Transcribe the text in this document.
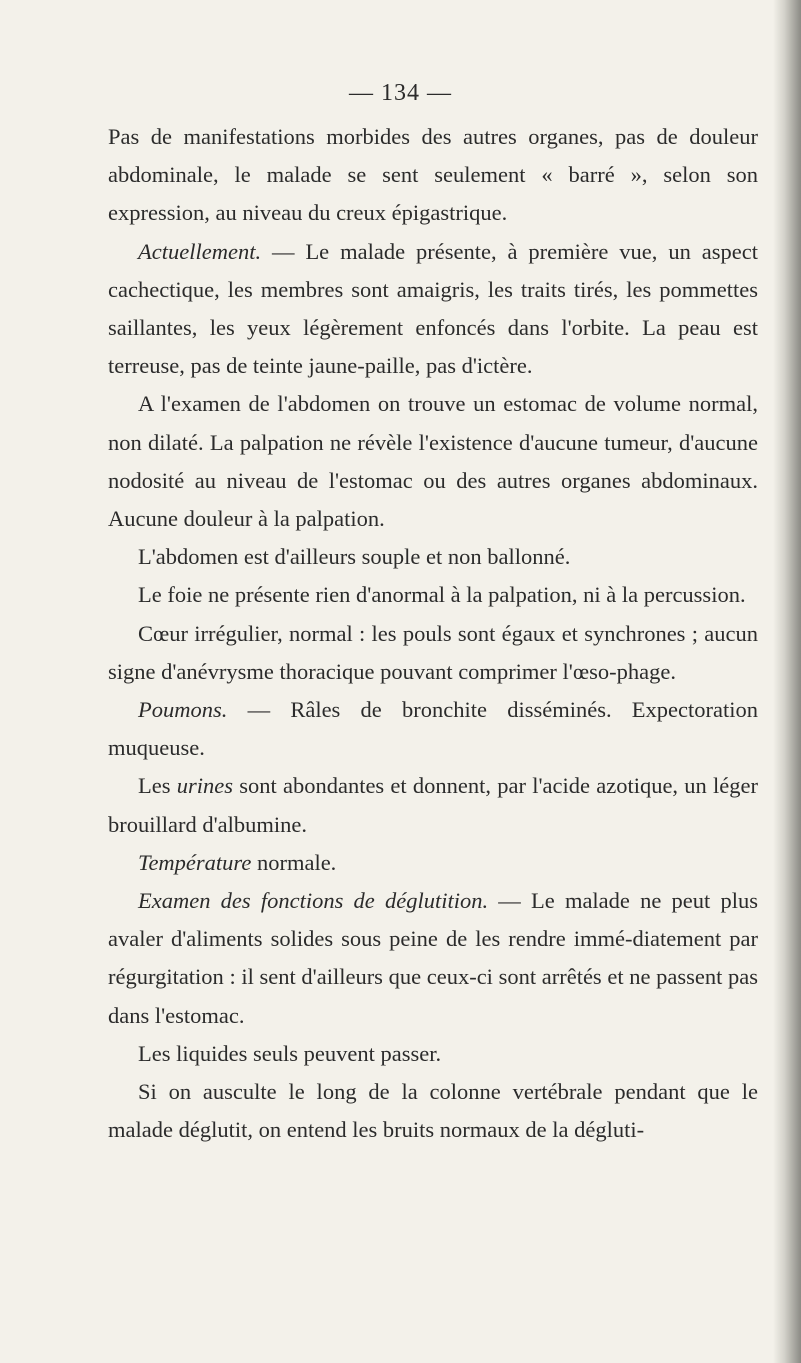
— 134 —

Pas de manifestations morbides des autres organes, pas de douleur abdominale, le malade se sent seulement « barré », selon son expression, au niveau du creux épigastrique.

Actuellement. — Le malade présente, à première vue, un aspect cachectique, les membres sont amaigris, les traits tirés, les pommettes saillantes, les yeux légèrement enfoncés dans l'orbite. La peau est terreuse, pas de teinte jaune-paille, pas d'ictère.

A l'examen de l'abdomen on trouve un estomac de volume normal, non dilaté. La palpation ne révèle l'existence d'aucune tumeur, d'aucune nodosité au niveau de l'estomac ou des autres organes abdominaux. Aucune douleur à la palpation.

L'abdomen est d'ailleurs souple et non ballonné.

Le foie ne présente rien d'anormal à la palpation, ni à la percussion.

Cœur irrégulier, normal : les pouls sont égaux et synchrones ; aucun signe d'anévrysme thoracique pouvant comprimer l'œso-phage.

Poumons. — Râles de bronchite disséminés. Expectoration muqueuse.

Les urines sont abondantes et donnent, par l'acide azotique, un léger brouillard d'albumine.

Température normale.

Examen des fonctions de déglutition. — Le malade ne peut plus avaler d'aliments solides sous peine de les rendre immé-diatement par régurgitation : il sent d'ailleurs que ceux-ci sont arrêtés et ne passent pas dans l'estomac.

Les liquides seuls peuvent passer.

Si on ausculte le long de la colonne vertébrale pendant que le malade déglutit, on entend les bruits normaux de la dégluti-
